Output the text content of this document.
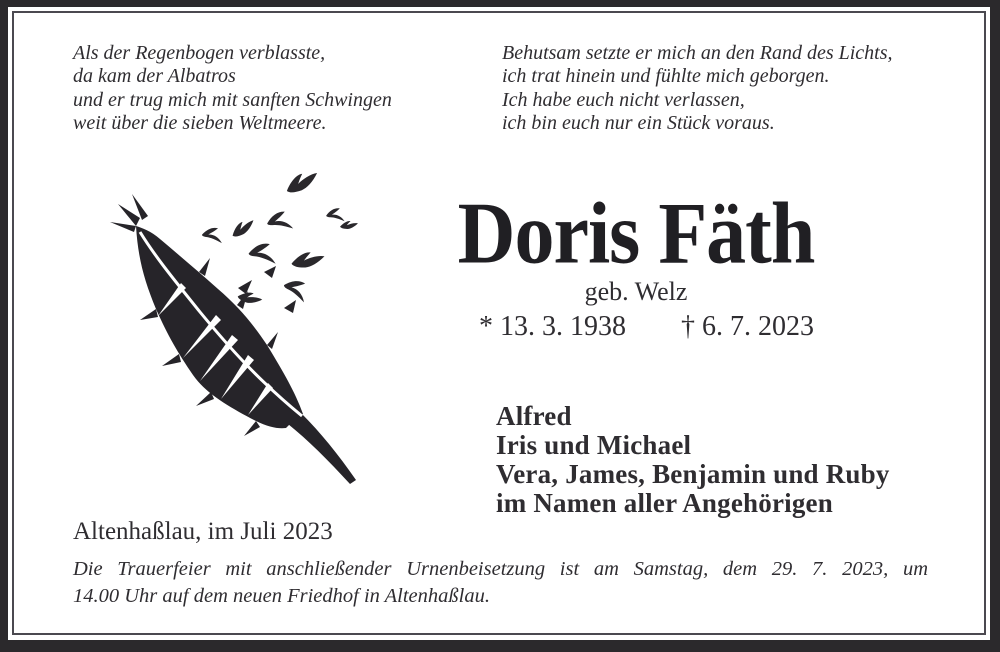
Als der Regenbogen verblasste,
da kam der Albatros
und er trug mich mit sanften Schwingen
weit über die sieben Weltmeere.
Behutsam setzte er mich an den Rand des Lichts,
ich trat hinein und fühlte mich geborgen.
Ich habe euch nicht verlassen,
ich bin euch nur ein Stück voraus.
Doris Fäth
geb. Welz
* 13. 3. 1938 † 6. 7. 2023
Alfred
Iris und Michael
Vera, James, Benjamin und Ruby
im Namen aller Angehörigen
Altenhaßlau, im Juli 2023
Die Trauerfeier mit anschließender Urnenbeisetzung ist am Samstag, dem 29. 7. 2023, um
14.00 Uhr auf dem neuen Friedhof in Altenhaßlau.
